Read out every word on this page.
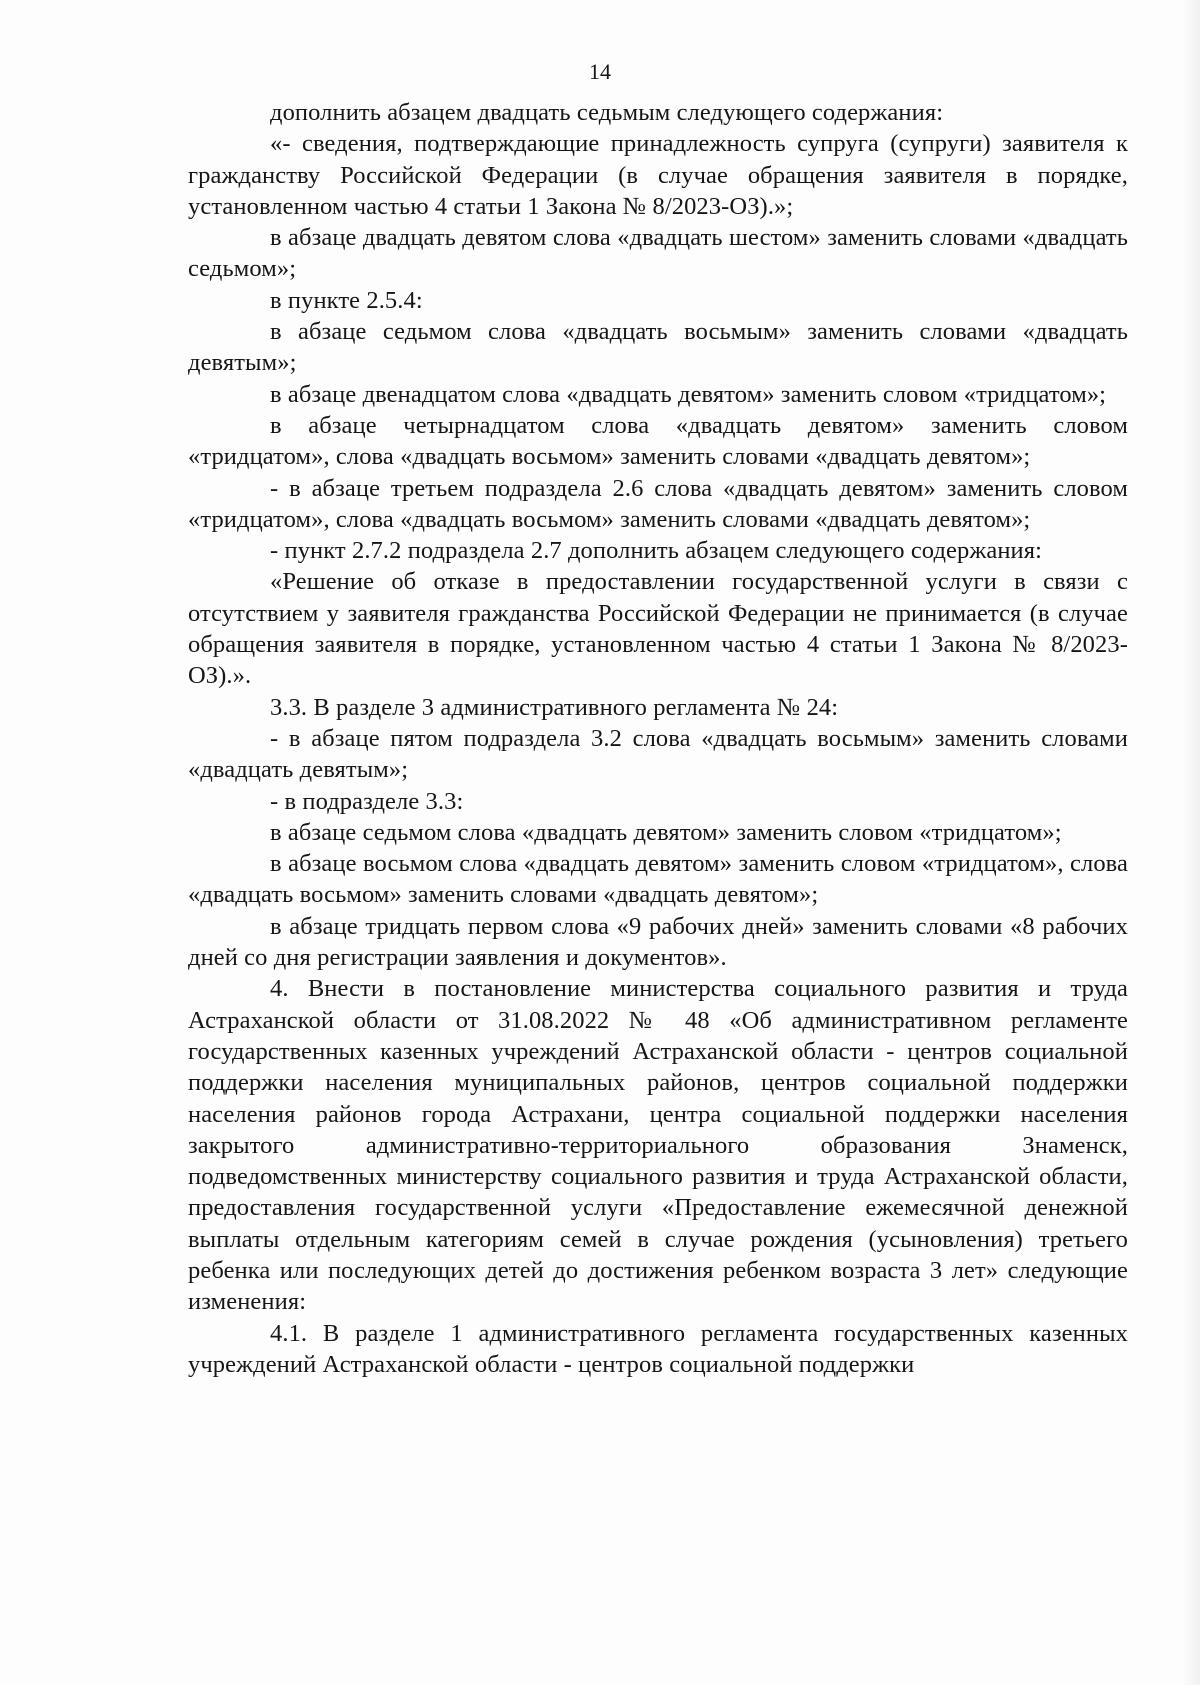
14

дополнить абзацем двадцать седьмым следующего содержания:

«- сведения, подтверждающие принадлежность супруга (супруги) заявителя к гражданству Российской Федерации (в случае обращения заявителя в порядке, установленном частью 4 статьи 1 Закона № 8/2023-ОЗ).»;

в абзаце двадцать девятом слова «двадцать шестом» заменить словами «двадцать седьмом»;

в пункте 2.5.4:

в абзаце седьмом слова «двадцать восьмым» заменить словами «двадцать девятым»;

в абзаце двенадцатом слова «двадцать девятом» заменить словом «тридцатом»;

в абзаце четырнадцатом слова «двадцать девятом» заменить словом «тридцатом», слова «двадцать восьмом» заменить словами «двадцать девятом»;

- в абзаце третьем подраздела 2.6 слова «двадцать девятом» заменить словом «тридцатом», слова «двадцать восьмом» заменить словами «двадцать девятом»;

- пункт 2.7.2 подраздела 2.7 дополнить абзацем следующего содержания:

«Решение об отказе в предоставлении государственной услуги в связи с отсутствием у заявителя гражданства Российской Федерации не принимается (в случае обращения заявителя в порядке, установленном частью 4 статьи 1 Закона № 8/2023-ОЗ).».

3.3. В разделе 3 административного регламента № 24:

- в абзаце пятом подраздела 3.2 слова «двадцать восьмым» заменить словами «двадцать девятым»;

- в подразделе 3.3:

в абзаце седьмом слова «двадцать девятом» заменить словом «тридцатом»;

в абзаце восьмом слова «двадцать девятом» заменить словом «тридцатом», слова «двадцать восьмом» заменить словами «двадцать девятом»;

в абзаце тридцать первом слова «9 рабочих дней» заменить словами «8 рабочих дней со дня регистрации заявления и документов».

4. Внести в постановление министерства социального развития и труда Астраханской области от 31.08.2022 № 48 «Об административном регламенте государственных казенных учреждений Астраханской области - центров социальной поддержки населения муниципальных районов, центров социальной поддержки населения районов города Астрахани, центра социальной поддержки населения закрытого административно-территориального образования Знаменск, подведомственных министерству социального развития и труда Астраханской области, предоставления государственной услуги «Предоставление ежемесячной денежной выплаты отдельным категориям семей в случае рождения (усыновления) третьего ребенка или последующих детей до достижения ребенком возраста 3 лет» следующие изменения:

4.1. В разделе 1 административного регламента государственных казенных учреждений Астраханской области - центров социальной поддержки
